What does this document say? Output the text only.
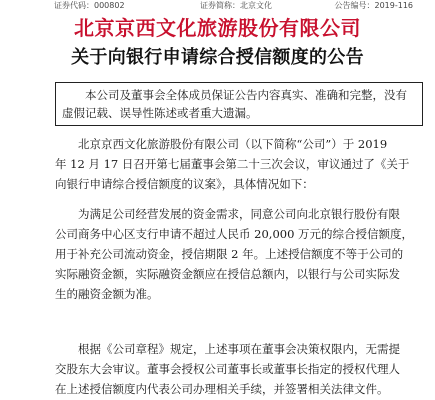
证券代码：000802	证券简称：北京文化	公告编号：2019-116
北京京西文化旅游股份有限公司
关于向银行申请综合授信额度的公告
本公司及董事会全体成员保证公告内容真实、准确和完整，没有
虚假记载、误导性陈述或者重大遗漏。
北京京西文化旅游股份有限公司（以下简称“公司”）于 2019
年 12 月 17 日召开第七届董事会第二十三次会议，审议通过了《关于
向银行申请综合授信额度的议案》，具体情况如下：
为满足公司经营发展的资金需求，同意公司向北京银行股份有限
公司商务中心区支行申请不超过人民币 20,000 万元的综合授信额度，
用于补充公司流动资金，授信期限 2 年。上述授信额度不等于公司的
实际融资金额，实际融资金额应在授信总额内，以银行与公司实际发
生的融资金额为准。
根据《公司章程》规定，上述事项在董事会决策权限内，无需提
交股东大会审议。董事会授权公司董事长或董事长指定的授权代理人
在上述授信额度内代表公司办理相关手续，并签署相关法律文件。
